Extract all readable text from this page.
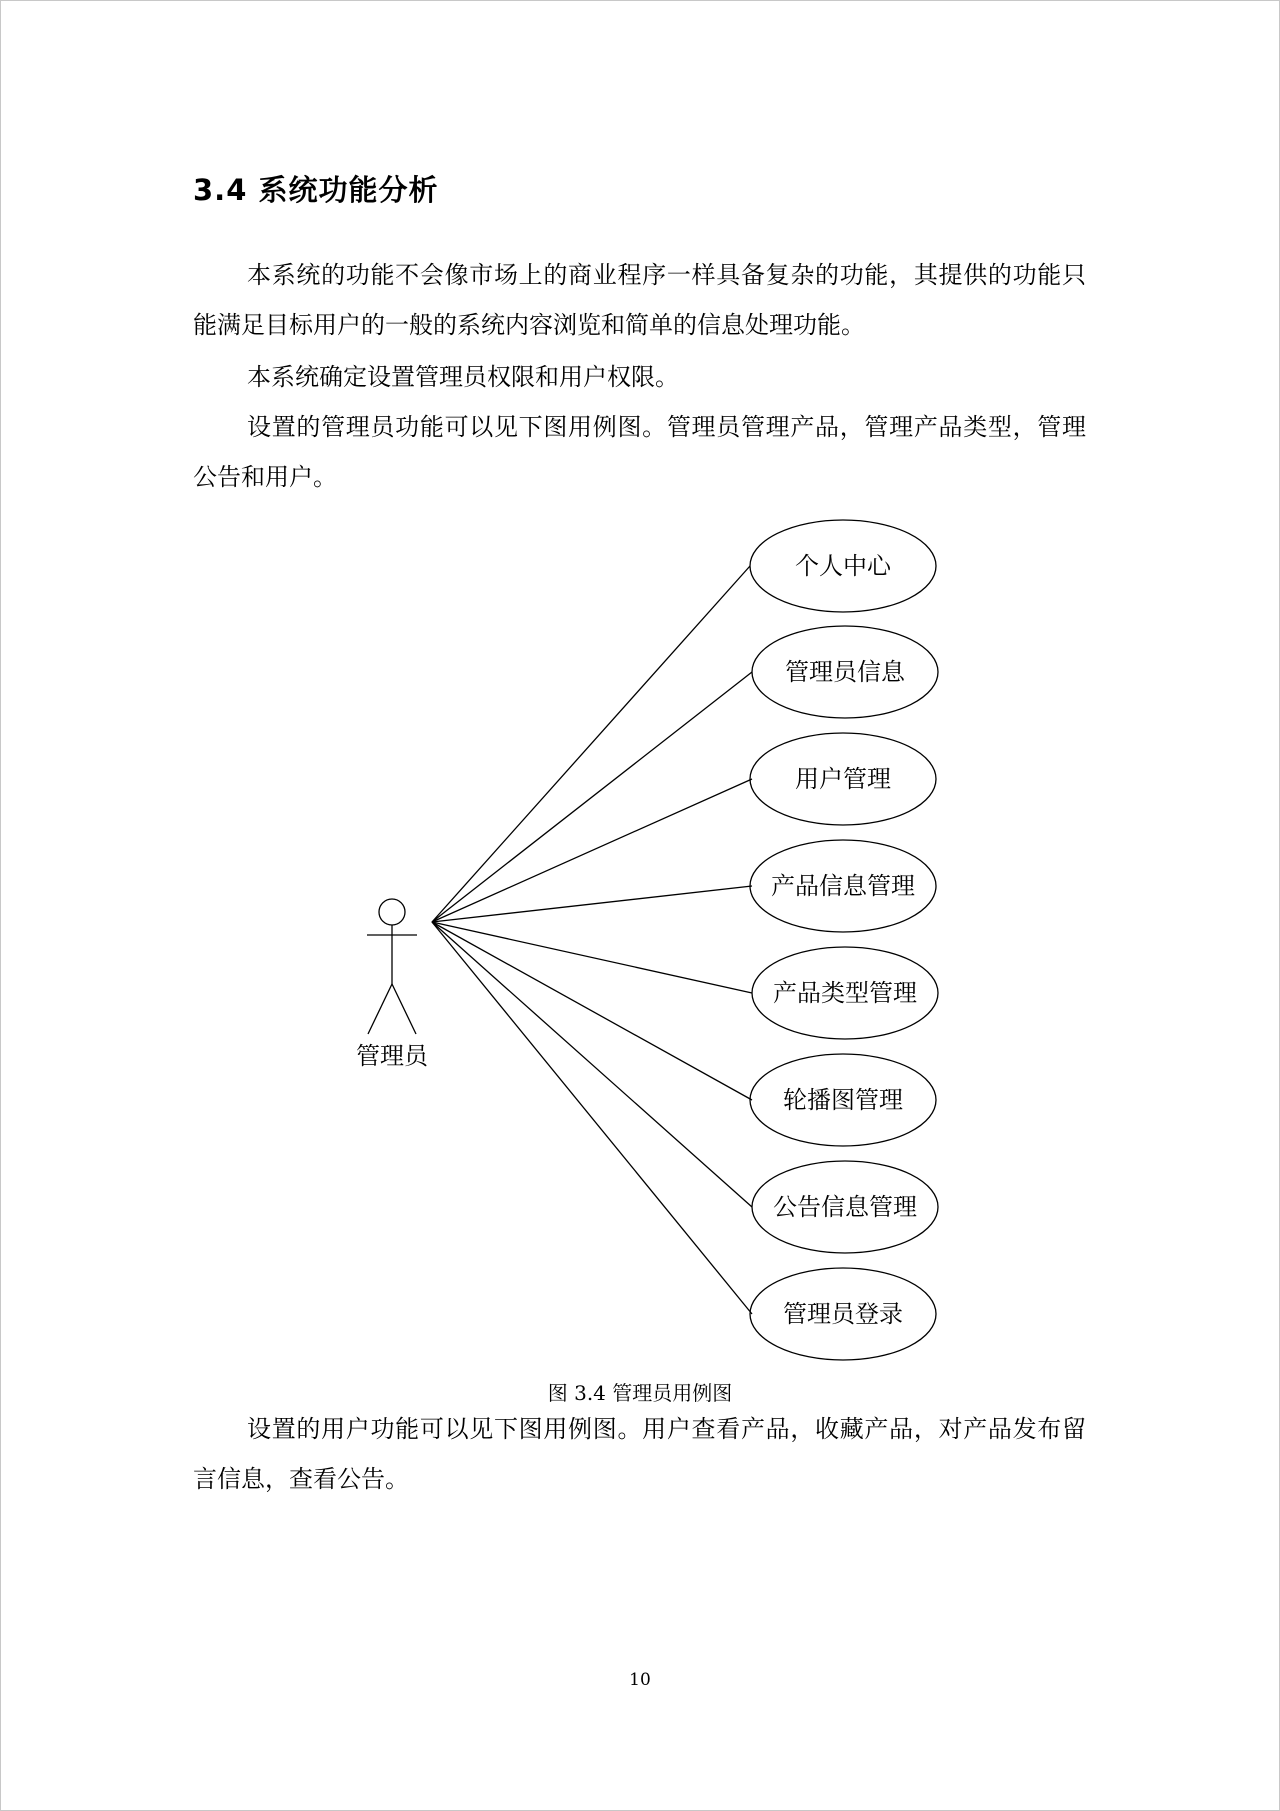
3.4 系统功能分析

本系统的功能不会像市场上的商业程序一样具备复杂的功能，其提供的功能只能满足目标用户的一般的系统内容浏览和简单的信息处理功能。

本系统确定设置管理员权限和用户权限。

设置的管理员功能可以见下图用例图。管理员管理产品，管理产品类型，管理公告和用户。

管理员
个人中心
管理员信息
用户管理
产品信息管理
产品类型管理
轮播图管理
公告信息管理
管理员登录
图 3.4 管理员用例图

设置的用户功能可以见下图用例图。用户查看产品，收藏产品，对产品发布留言信息，查看公告。

10
